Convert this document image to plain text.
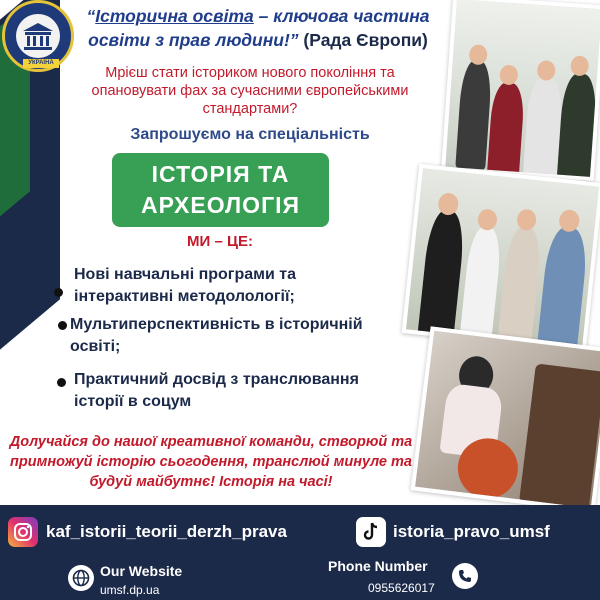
УКРАЇНА
“Історична освіта – ключова частина освіти з прав людини!” (Рада Європи)
Мрієш стати істориком нового покоління та опановувати фах за сучасними європейськими стандартами?
Запрошуємо на спеціальність
ІСТОРІЯ ТА
АРХЕОЛОГІЯ
МИ – ЦЕ:
Нові навчальні програми та інтерактивні методолології;
Мультиперспективність в історичній освіті;
Практичний досвід з транслювання історії в соцум
Долучайся до нашої креативної команди, створюй та примножуй історію сьогодення, транслюй минуле та будуй майбутнє! Історія на часі!
kaf_istorii_teorii_derzh_prava	istoria_pravo_umsf
Our Website
umsf.dp.ua
Phone Number
0955626017
